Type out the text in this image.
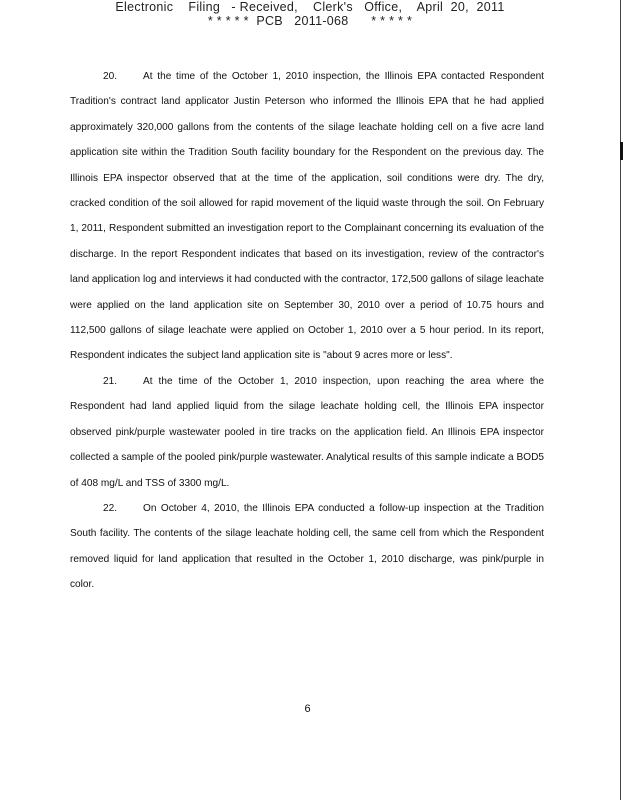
Electronic    Filing   - Received,    Clerk's   Office,    April  20,  2011
* * * * *  PCB   2011-068      * * * * *

20.	At the time of the October 1, 2010 inspection, the Illinois EPA contacted Respondent Tradition's contract land applicator Justin Peterson who informed the Illinois EPA that he had applied approximately 320,000 gallons from the contents of the silage leachate holding cell on a five acre land application site within the Tradition South facility boundary for the Respondent on the previous day. The Illinois EPA inspector observed that at the time of the application, soil conditions were dry. The dry, cracked condition of the soil allowed for rapid movement of the liquid waste through the soil. On February 1, 2011, Respondent submitted an investigation report to the Complainant concerning its evaluation of the discharge. In the report Respondent indicates that based on its investigation, review of the contractor's land application log and interviews it had conducted with the contractor, 172,500 gallons of silage leachate were applied on the land application site on September 30, 2010 over a period of 10.75 hours and 112,500 gallons of silage leachate were applied on October 1, 2010 over a 5 hour period. In its report, Respondent indicates the subject land application site is "about 9 acres more or less".

21.	At the time of the October 1, 2010 inspection, upon reaching the area where the Respondent had land applied liquid from the silage leachate holding cell, the Illinois EPA inspector observed pink/purple wastewater pooled in tire tracks on the application field. An Illinois EPA inspector collected a sample of the pooled pink/purple wastewater. Analytical results of this sample indicate a BOD5 of 408 mg/L and TSS of 3300 mg/L.

22.	On October 4, 2010, the Illinois EPA conducted a follow-up inspection at the Tradition South facility. The contents of the silage leachate holding cell, the same cell from which the Respondent removed liquid for land application that resulted in the October 1, 2010 discharge, was pink/purple in color.

6
